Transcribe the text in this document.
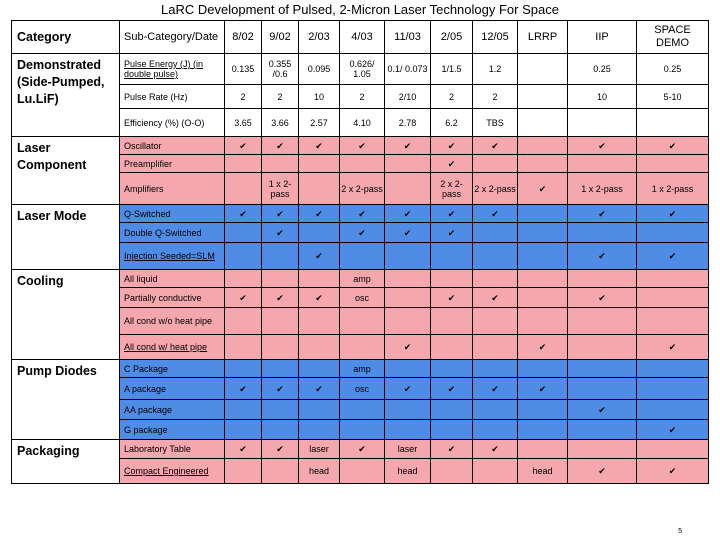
LaRC Development of Pulsed, 2-Micron Laser Technology For Space
Category	Sub-Category/Date	8/02	9/02	2/03	4/03	11/03	2/05	12/05	LRRP	IIP	SPACE DEMO
Demonstrated (Side-Pumped, Lu.LiF)	Pulse Energy (J) (in double pulse)	0.135	0.355 /0.6	0.095	0.626/ 1.05	0.1/ 0.073	1/1.5	1.2		0.25	0.25
	Pulse Rate (Hz)	2	2	10	2	2/10	2	2		10	5-10
	Efficiency (%) (O-O)	3.65	3.66	2.57	4.10	2.78	6.2	TBS			
Laser Component	Oscillator	✔	✔	✔	✔	✔	✔	✔		✔	✔
	Preamplifier						✔				
	Amplifiers		1 x 2-pass		2 x 2-pass		2 x 2-pass	2 x 2-pass	✔	1 x 2-pass	1 x 2-pass
Laser Mode	Q-Switched	✔	✔	✔	✔	✔	✔	✔		✔	✔
	Double Q-Switched		✔		✔	✔	✔				
	Injection Seeded=SLM			✔						✔	✔
Cooling	All liquid				amp						
	Partially conductive	✔	✔	✔	osc		✔	✔		✔	
	All cond w/o heat pipe										
	All cond w/ heat pipe					✔			✔		✔
Pump Diodes	C Package				amp						
	A package	✔	✔	✔	osc	✔	✔	✔	✔		
	AA package									✔	
	G package										✔
Packaging	Laboratory Table	✔	✔	laser	✔	laser	✔	✔			
	Compact Engineered			head		head			head	✔	✔
5
